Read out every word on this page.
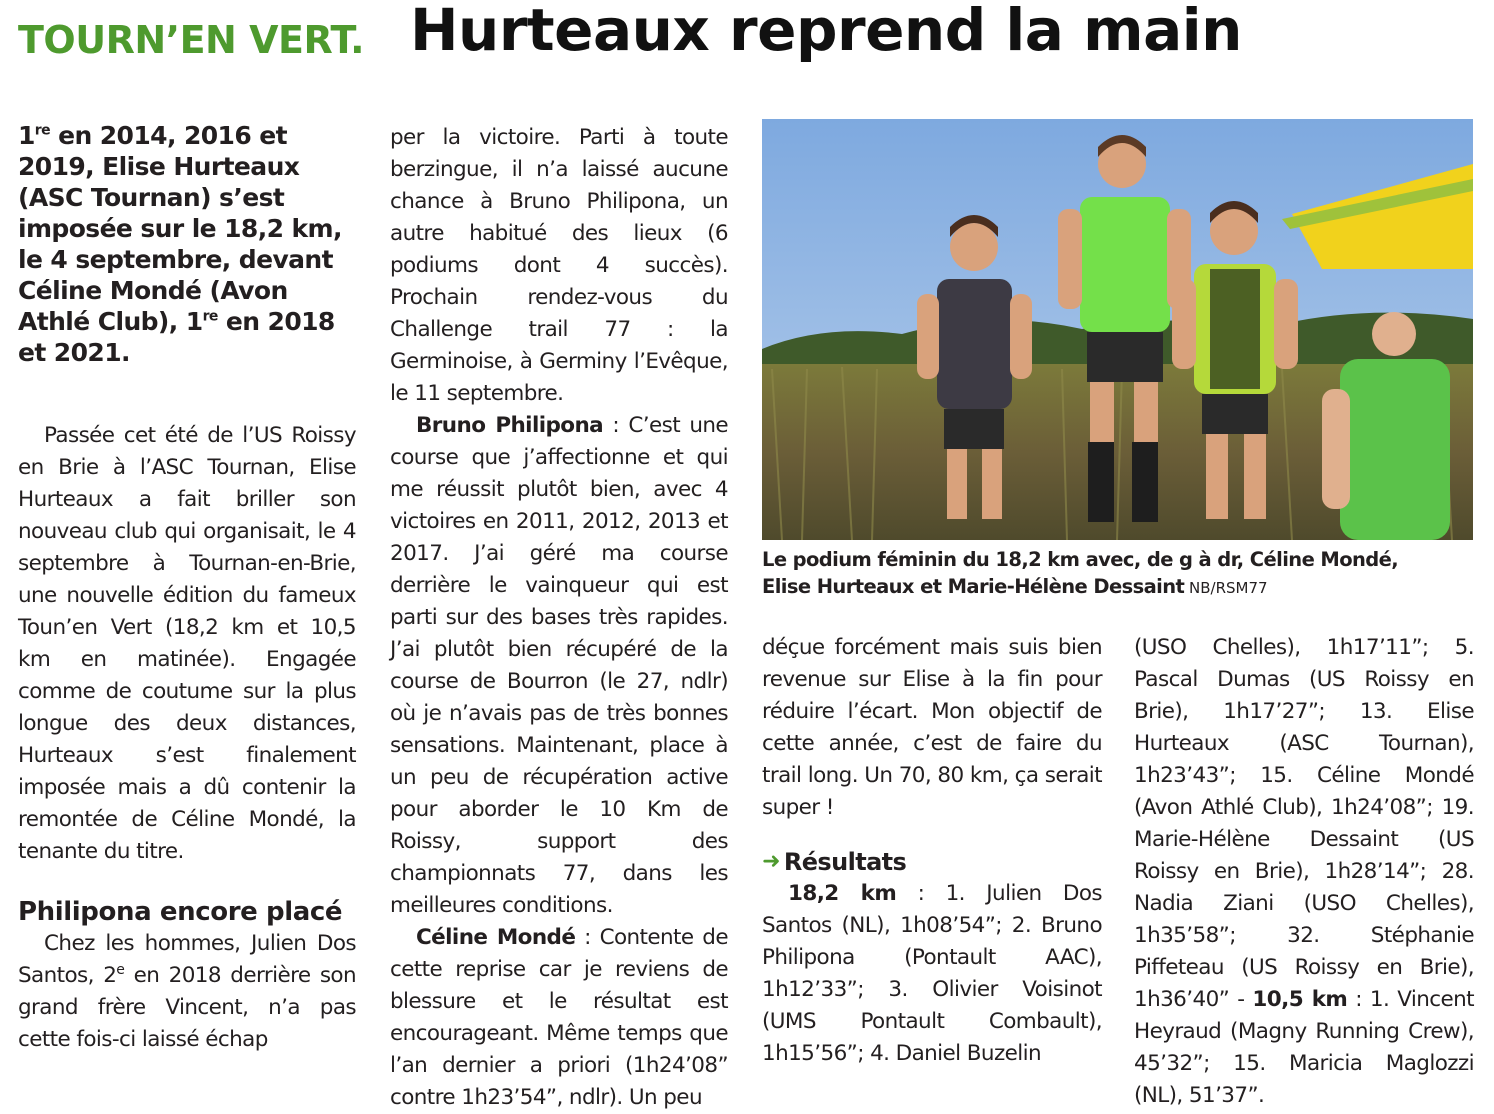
TOURN’EN VERT. Hurteaux reprend la main

1re en 2014, 2016 et 2019, Elise Hurteaux (ASC Tournan) s’est imposée sur le 18,2 km, le 4 septembre, devant Céline Mondé (Avon Athlé Club), 1re en 2018 et 2021.

Passée cet été de l’US Roissy en Brie à l’ASC Tournan, Elise Hurteaux a fait briller son nouveau club qui organisait, le 4 septembre à Tournan-en-Brie, une nouvelle édition du fameux Toun’en Vert (18,2 km et 10,5 km en matinée). Engagée comme de coutume sur la plus longue des deux distances, Hurteaux s’est finalement imposée mais a dû contenir la remontée de Céline Mondé, la tenante du titre.

Philipona encore placé

Chez les hommes, Julien Dos Santos, 2e en 2018 derrière son grand frère Vincent, n’a pas cette fois-ci laissé échap

per la victoire. Parti à toute berzingue, il n’a laissé aucune chance à Bruno Philipona, un autre habitué des lieux (6 podiums dont 4 succès). Prochain rendez-vous du Challenge trail 77 : la Germinoise, à Germiny l’Evêque, le 11 septembre.

Bruno Philipona : C’est une course que j’affectionne et qui me réussit plutôt bien, avec 4 victoires en 2011, 2012, 2013 et 2017. J’ai géré ma course derrière le vainqueur qui est parti sur des bases très rapides. J’ai plutôt bien récupéré de la course de Bourron (le 27, ndlr) où je n’avais pas de très bonnes sensations. Maintenant, place à un peu de récupération active pour aborder le 10 Km de Roissy, support des championnats 77, dans les meilleures conditions.

Céline Mondé : Contente de cette reprise car je reviens de blessure et le résultat est encourageant. Même temps que l’an dernier a priori (1h24’08” contre 1h23’54”, ndlr). Un peu

Le podium féminin du 18,2 km avec, de g à dr, Céline Mondé,
Elise Hurteaux et Marie-Hélène Dessaint NB/RSM77

déçue forcément mais suis bien revenue sur Elise à la fin pour réduire l’écart. Mon objectif de cette année, c’est de faire du trail long. Un 70, 80 km, ça serait super !

➜ Résultats

18,2 km : 1. Julien Dos Santos (NL), 1h08’54”; 2. Bruno Philipona (Pontault AAC), 1h12’33”; 3. Olivier Voisinot (UMS Pontault Combault), 1h15’56”; 4. Daniel Buzelin

(USO Chelles), 1h17’11”; 5. Pascal Dumas (US Roissy en Brie), 1h17’27”; 13. Elise Hurteaux (ASC Tournan), 1h23’43”; 15. Céline Mondé (Avon Athlé Club), 1h24’08”; 19. Marie-Hélène Dessaint (US Roissy en Brie), 1h28’14”; 28. Nadia Ziani (USO Chelles), 1h35’58”; 32. Stéphanie Piffeteau (US Roissy en Brie), 1h36’40” - 10,5 km : 1. Vincent Heyraud (Magny Running Crew), 45’32”; 15. Maricia Maglozzi (NL), 51’37”.
